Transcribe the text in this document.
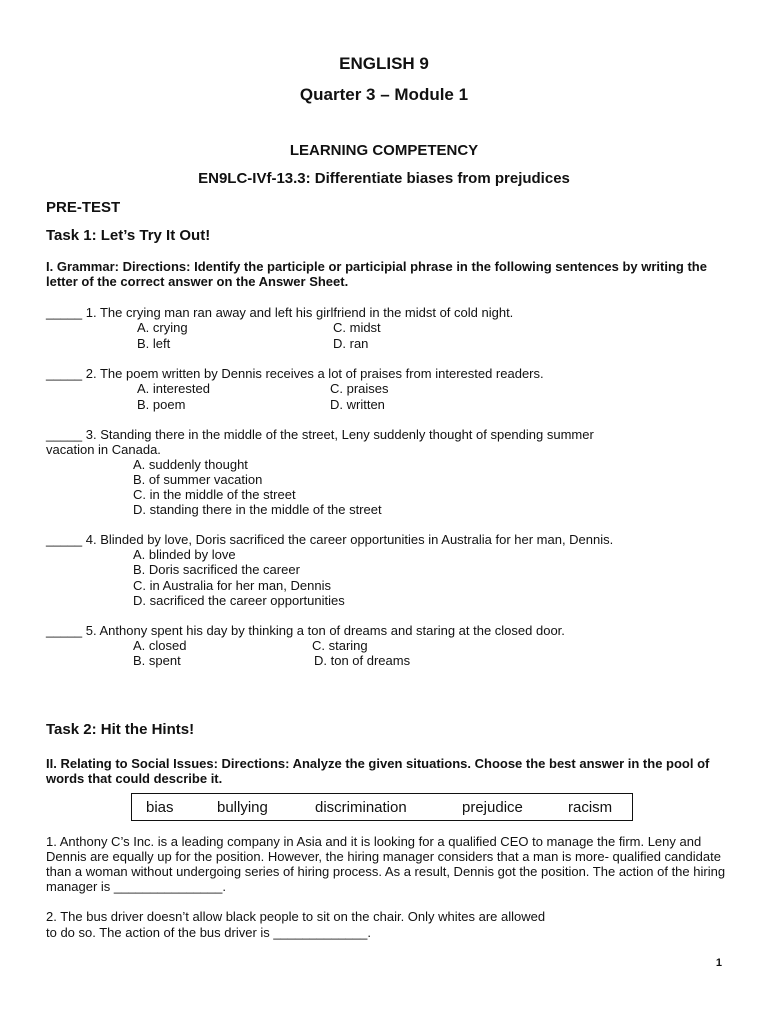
ENGLISH 9
Quarter 3 – Module 1
LEARNING COMPETENCY
EN9LC-IVf-13.3: Differentiate biases from prejudices
PRE-TEST
Task 1: Let’s Try It Out!
I. Grammar: Directions: Identify the participle or participial phrase in the following sentences by writing the letter of the correct answer on the Answer Sheet.
_____ 1. The crying man ran away and left his girlfriend in the midst of cold night.
A. crying	C. midst
B. left	D. ran
_____ 2. The poem written by Dennis receives a lot of praises from interested readers.
A. interested	C. praises
B. poem	D. written
_____ 3. Standing there in the middle of the street, Leny suddenly thought of spending summer
vacation in Canada.
A. suddenly thought
B. of summer vacation
C. in the middle of the street
D. standing there in the middle of the street
_____ 4. Blinded by love, Doris sacrificed the career opportunities in Australia for her man, Dennis.
A. blinded by love
B. Doris sacrificed the career
C. in Australia for her man, Dennis
D. sacrificed the career opportunities
_____ 5. Anthony spent his day by thinking a ton of dreams and staring at the closed door.
A. closed	C. staring
B. spent	D. ton of dreams
Task 2: Hit the Hints!
II. Relating to Social Issues: Directions: Analyze the given situations. Choose the best answer in the pool of words that could describe it.
bias	bullying	discrimination	prejudice	racism
1. Anthony C’s Inc. is a leading company in Asia and it is looking for a qualified CEO to manage the firm. Leny and Dennis are equally up for the position. However, the hiring manager considers that a man is more- qualified candidate than a woman without undergoing series of hiring process. As a result, Dennis got the position. The action of the hiring manager is _______________.
2. The bus driver doesn’t allow black people to sit on the chair. Only whites are allowed
to do so. The action of the bus driver is _____________.
1
